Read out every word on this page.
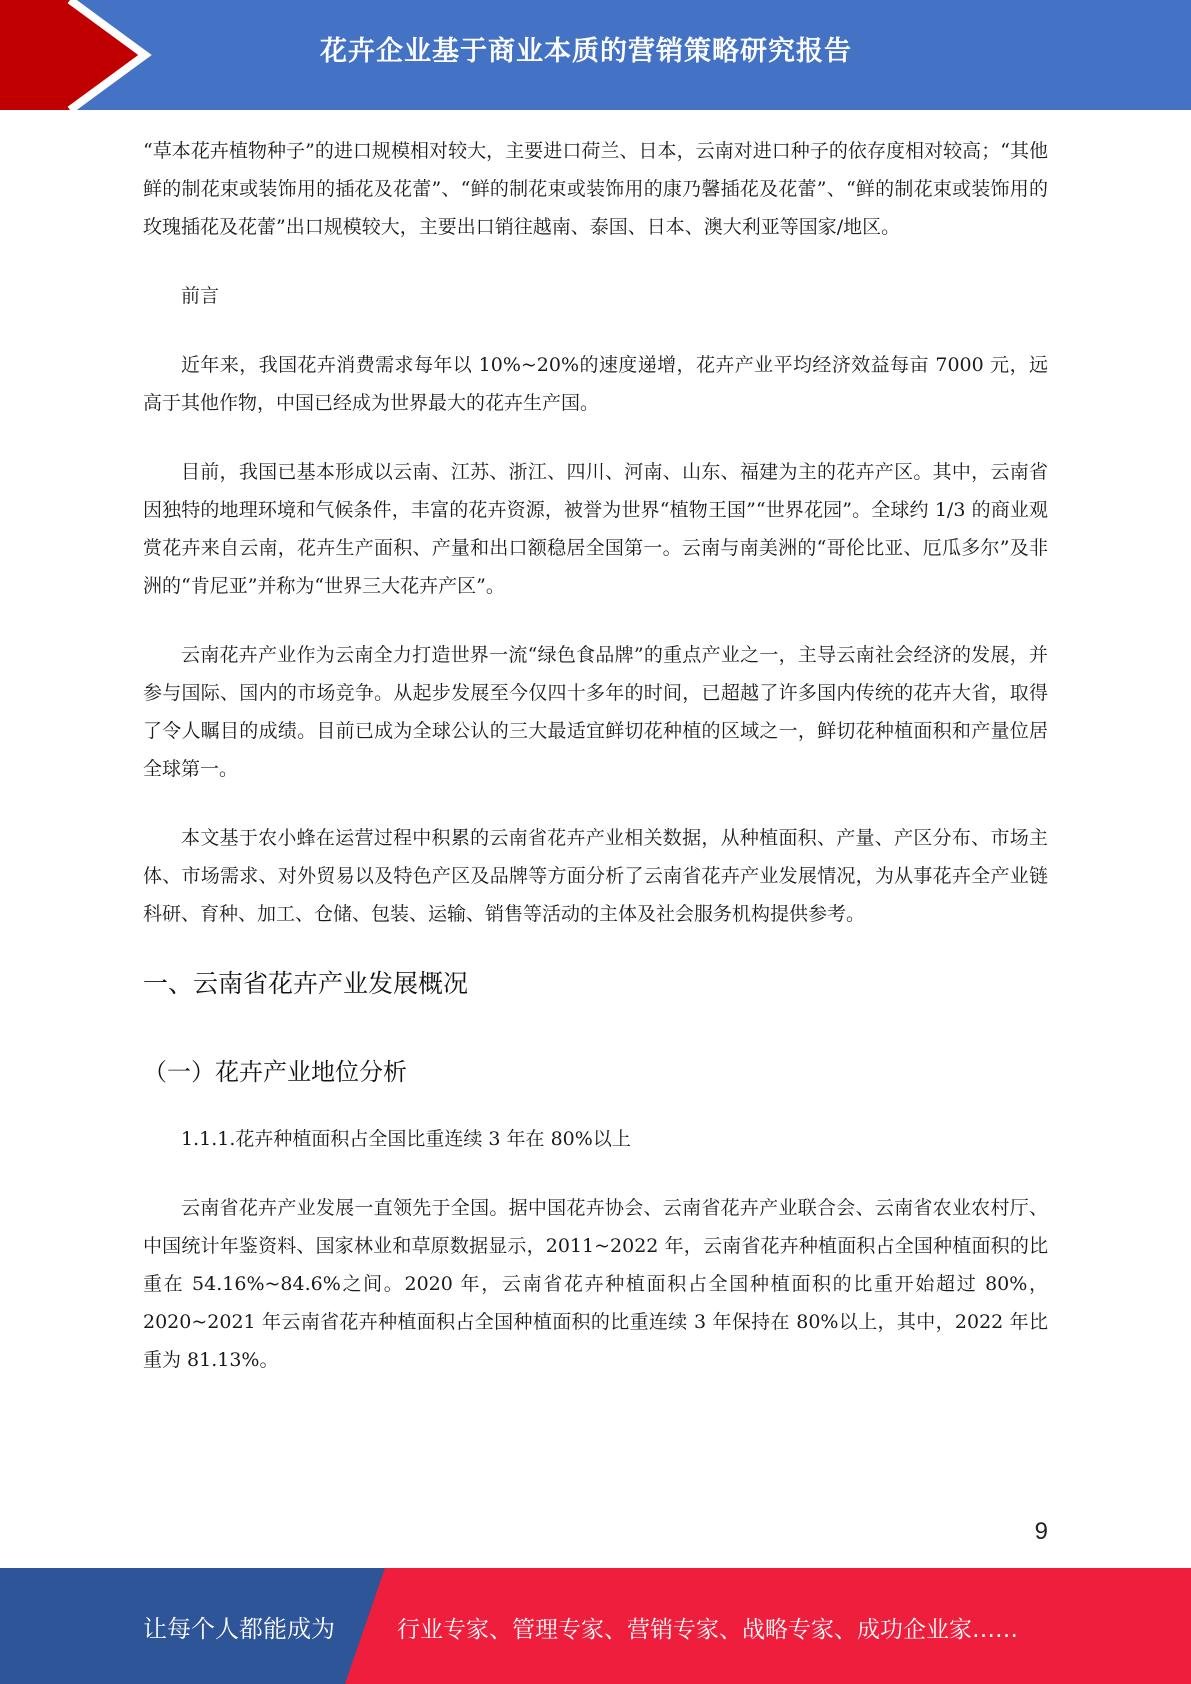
花卉企业基于商业本质的营销策略研究报告

“草本花卉植物种子”的进口规模相对较大，主要进口荷兰、日本，云南对进口种子的依存度相对较高；“其他鲜的制花束或装饰用的插花及花蕾”、“鲜的制花束或装饰用的康乃馨插花及花蕾”、“鲜的制花束或装饰用的玫瑰插花及花蕾”出口规模较大，主要出口销往越南、泰国、日本、澳大利亚等国家/地区。

前言

近年来，我国花卉消费需求每年以 10%~20%的速度递增，花卉产业平均经济效益每亩 7000 元，远高于其他作物，中国已经成为世界最大的花卉生产国。

目前，我国已基本形成以云南、江苏、浙江、四川、河南、山东、福建为主的花卉产区。其中，云南省因独特的地理环境和气候条件，丰富的花卉资源，被誉为世界“植物王国”“世界花园”。全球约 1/3 的商业观赏花卉来自云南，花卉生产面积、产量和出口额稳居全国第一。云南与南美洲的“哥伦比亚、厄瓜多尔”及非洲的“肯尼亚”并称为“世界三大花卉产区”。

云南花卉产业作为云南全力打造世界一流“绿色食品牌”的重点产业之一，主导云南社会经济的发展，并参与国际、国内的市场竞争。从起步发展至今仅四十多年的时间，已超越了许多国内传统的花卉大省，取得了令人瞩目的成绩。目前已成为全球公认的三大最适宜鲜切花种植的区域之一，鲜切花种植面积和产量位居全球第一。

本文基于农小蜂在运营过程中积累的云南省花卉产业相关数据，从种植面积、产量、产区分布、市场主体、市场需求、对外贸易以及特色产区及品牌等方面分析了云南省花卉产业发展情况，为从事花卉全产业链科研、育种、加工、仓储、包装、运输、销售等活动的主体及社会服务机构提供参考。

一、云南省花卉产业发展概况
（一）花卉产业地位分析

1.1.1.花卉种植面积占全国比重连续 3 年在 80%以上

云南省花卉产业发展一直领先于全国。据中国花卉协会、云南省花卉产业联合会、云南省农业农村厅、中国统计年鉴资料、国家林业和草原数据显示，2011~2022 年，云南省花卉种植面积占全国种植面积的比重在 54.16%~84.6%之间。2020 年，云南省花卉种植面积占全国种植面积的比重开始超过 80%，2020~2021 年云南省花卉种植面积占全国种植面积的比重连续 3 年保持在 80%以上，其中，2022 年比重为 81.13%。

9
让每个人都能成为	行业专家、管理专家、营销专家、战略专家、成功企业家……
